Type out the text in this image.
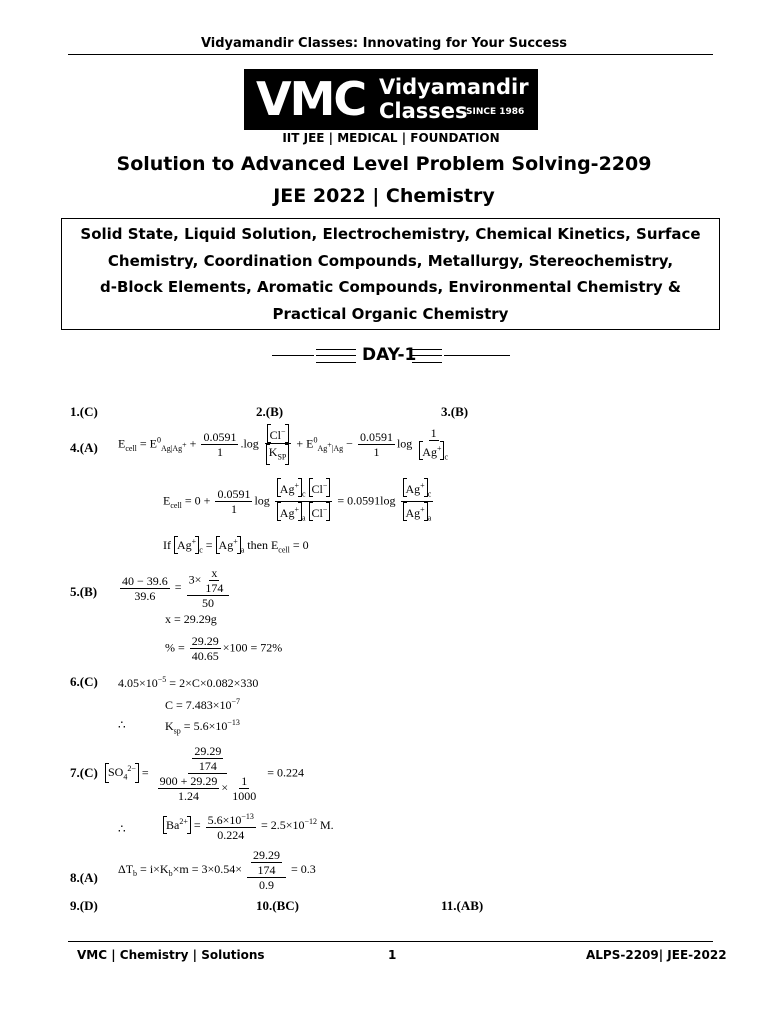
Vidyamandir Classes: Innovating for Your Success
VMC Vidyamandir
Classes
SINCE 1986
IIT JEE | MEDICAL | FOUNDATION
Solution to Advanced Level Problem Solving-2209
JEE 2022 | Chemistry
Solid State, Liquid Solution, Electrochemistry, Chemical Kinetics, Surface
Chemistry, Coordination Compounds, Metallurgy, Stereochemistry,
d-Block Elements, Aromatic Compounds, Environmental Chemistry &
Practical Organic Chemistry
DAY-1
1.(C)	2.(B)	3.(B)
4.(A) $E_{cell} = E^0_{Ag|Ag^+} + \frac{0.0591}{1} .\log \frac{Cl^-}{K_{SP}} + E^0_{Ag^+|Ag} - \frac{0.0591}{1}$ $\log \frac{1}{Ag^+_c}$
$E_{cell} = 0 + \frac{0.0591}{1}$ $\log \frac{Ag^+_c Cl^-}{Ag^+_a Cl^-} = 0.0591\log \frac{Ag^+_c}{Ag^+_a}$
If $Ag^+_c = Ag^+_a$ then $E_{cell} = 0$
$5.(B) \frac{40 - 39.6}{39.6} = \frac{3\times \frac{x}{174}}{50}$
x = 29.29g
% = $\frac{29.29}{40.65} \times 100 = 72\%$
6.(C) $4.05\times 10^{-5} = 2\times C\times 0.082\times 330$
$C = 7.483\times 10^{-7}$
∴	$K_{sp} = 5.6\times 10^{-13}$
7.(C) $SO_4^{2-} = \frac{\frac{29.29}{174}}{\frac{900 + 29.29}{1.24} \times \frac{1}{1000}} = 0.224$
∴	$Ba^{2+} = \frac{5.6\times 10^{-13}}{0.224} = 2.5\times 10^{-12}$ M.
8.(A)
$\Delta T_b = i\times K_b\times m = 3\times 0.54\times \frac{\frac{29.29}{174}}{0.9} = 0.3$
9.(D)	10.(BC)	11.(AB)
VMC | Chemistry | Solutions	1	ALPS-2209| JEE-2022
